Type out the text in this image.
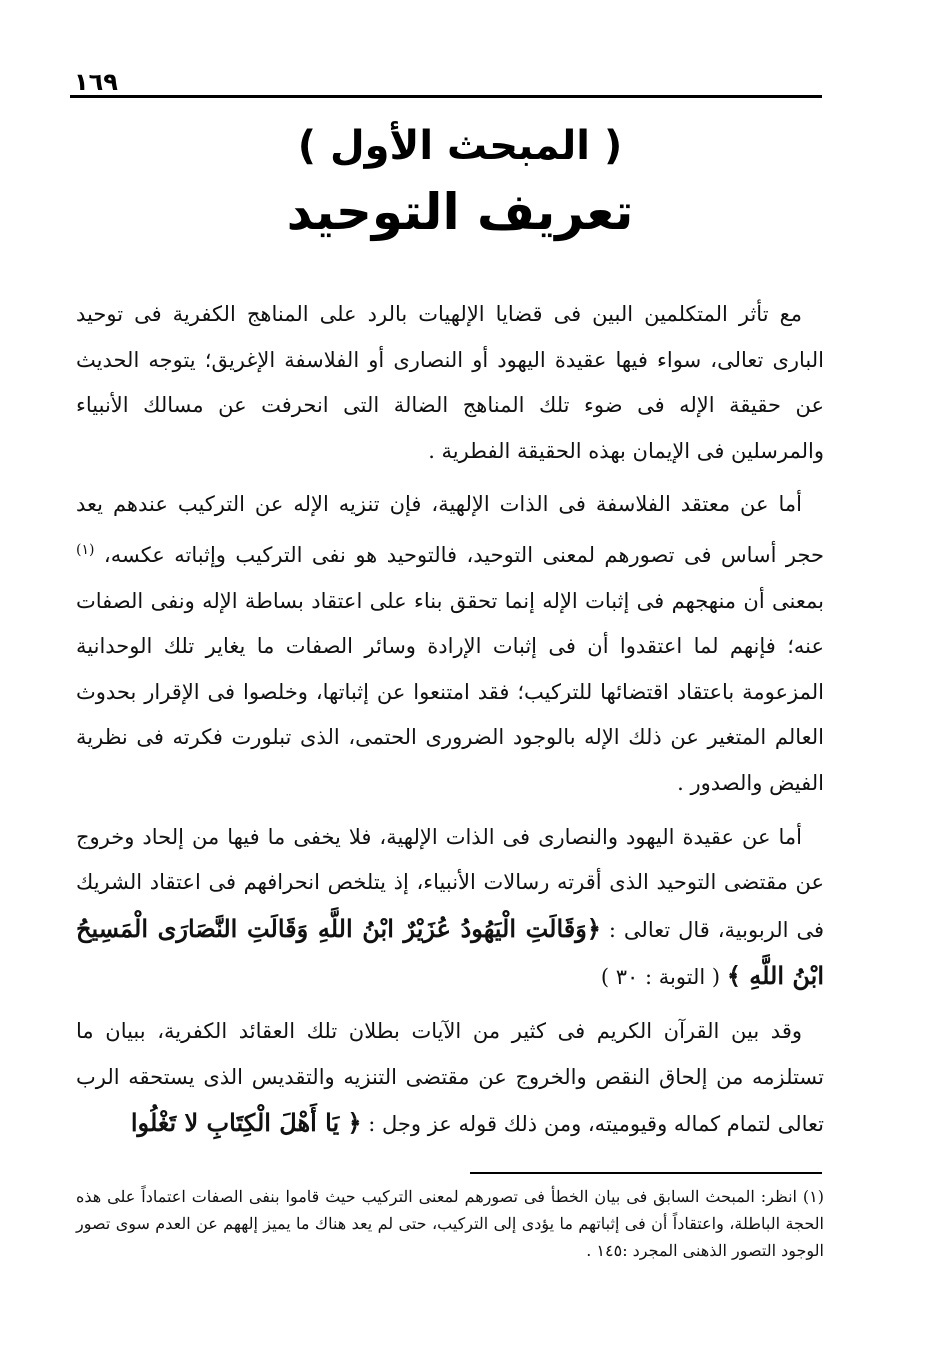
١٦٩
( المبحث الأول )
تعريف التوحيد

مع تأثر المتكلمين البين فى قضايا الإلهيات بالرد على المناهج الكفرية فى توحيد البارى تعالى، سواء فيها عقيدة اليهود أو النصارى أو الفلاسفة الإغريق؛ يتوجه الحديث عن حقيقة الإله فى ضوء تلك المناهج الضالة التى انحرفت عن مسالك الأنبياء والمرسلين فى الإيمان بهذه الحقيقة الفطرية .

أما عن معتقد الفلاسفة فى الذات الإلهية، فإن تنزيه الإله عن التركيب عندهم يعد حجر أساس فى تصورهم لمعنى التوحيد، فالتوحيد هو نفى التركيب وإثباته عكسه، $^{(١)}$ بمعنى أن منهجهم فى إثبات الإله إنما تحقق بناء على اعتقاد بساطة الإله ونفى الصفات عنه؛ فإنهم لما اعتقدوا أن فى إثبات الإرادة وسائر الصفات ما يغاير تلك الوحدانية المزعومة باعتقاد اقتضائها للتركيب؛ فقد امتنعوا عن إثباتها، وخلصوا فى الإقرار بحدوث العالم المتغير عن ذلك الإله بالوجود الضرورى الحتمى، الذى تبلورت فكرته فى نظرية الفيض والصدور .

أما عن عقيدة اليهود والنصارى فى الذات الإلهية، فلا يخفى ما فيها من إلحاد وخروج عن مقتضى التوحيد الذى أقرته رسالات الأنبياء، إذ يتلخص انحرافهم فى اعتقاد الشريك فى الربوبية، قال تعالى : ﴿وَقَالَتِ الْيَهُودُ عُزَيْرٌ ابْنُ اللَّهِ وَقَالَتِ النَّصَارَى الْمَسِيحُ ابْنُ اللَّهِ ﴾ ( التوبة : ٣٠ )

وقد بين القرآن الكريم فى كثير من الآيات بطلان تلك العقائد الكفرية، ببيان ما تستلزمه من إلحاق النقص والخروج عن مقتضى التنزيه والتقديس الذى يستحقه الرب تعالى لتمام كماله وقيوميته، ومن ذلك قوله عز وجل : ﴿ يَا أَهْلَ الْكِتَابِ لا تَغْلُوا

(١) انظر: المبحث السابق فى بيان الخطأ فى تصورهم لمعنى التركيب حيث قاموا بنفى الصفات اعتماداً على هذه الحجة الباطلة، واعتقاداً أن فى إثباتهم ما يؤدى إلى التركيب، حتى لم يعد هناك ما يميز إلههم عن العدم سوى تصور الوجود التصور الذهنى المجرد :١٤٥ .
